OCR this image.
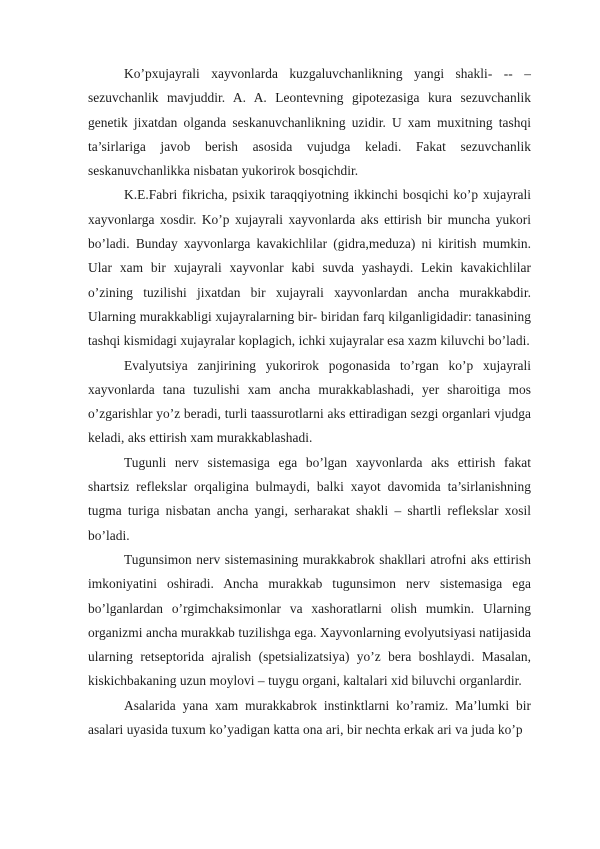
Ko’pxujayrali xayvonlarda kuzgaluvchanlikning yangi shakli- -- – sezuvchanlik mavjuddir. A. A. Leontevning gipotezasiga kura sezuvchanlik genetik jixatdan olganda seskanuvchanlikning uzidir. U xam muxitning tashqi ta’sirlariga javob berish asosida vujudga keladi. Fakat sezuvchanlik seskanuvchanlikka nisbatan yukorirok bosqichdir.

K.E.Fabri fikricha, psixik taraqqiyotning ikkinchi bosqichi ko’p xujayrali xayvonlarga xosdir. Ko’p xujayrali xayvonlarda aks ettirish bir muncha yukori bo’ladi. Bunday xayvonlarga kavakichlilar (gidra,meduza) ni kiritish mumkin. Ular xam bir xujayrali xayvonlar kabi suvda yashaydi. Lekin kavakichlilar o’zining tuzilishi jixatdan bir xujayrali xayvonlardan ancha murakkabdir. Ularning murakkabligi xujayralarning bir- biridan farq kilganligidadir: tanasining tashqi kismidagi xujayralar koplagich, ichki xujayralar esa xazm kiluvchi bo’ladi.

Evalyutsiya zanjirining yukorirok pogonasida to’rgan ko’p xujayrali xayvonlarda tana tuzulishi xam ancha murakkablashadi, yer sharoitiga mos o’zgarishlar yo’z beradi, turli taassurotlarni aks ettiradigan sezgi organlari vjudga keladi, aks ettirish xam murakkablashadi.

Tugunli nerv sistemasiga ega bo’lgan xayvonlarda aks ettirish fakat shartsiz reflekslar orqaligina bulmaydi, balki xayot davomida ta’sirlanishning tugma turiga nisbatan ancha yangi, serharakat shakli – shartli reflekslar xosil bo’ladi.

Tugunsimon nerv sistemasining murakkabrok shakllari atrofni aks ettirish imkoniyatini oshiradi. Ancha murakkab tugunsimon nerv sistemasiga ega bo’lganlardan o’rgimchaksimonlar va xashoratlarni olish mumkin. Ularning organizmi ancha murakkab tuzilishga ega. Xayvonlarning evolyutsiyasi natijasida ularning retseptorida ajralish (spetsializatsiya) yo’z bera boshlaydi. Masalan, kiskichbakaning uzun moylovi – tuygu organi, kaltalari xid biluvchi organlardir.

Asalarida yana xam murakkabrok instinktlarni ko’ramiz. Ma’lumki bir asalari uyasida tuxum ko’yadigan katta ona ari, bir nechta erkak ari va juda ko’p
